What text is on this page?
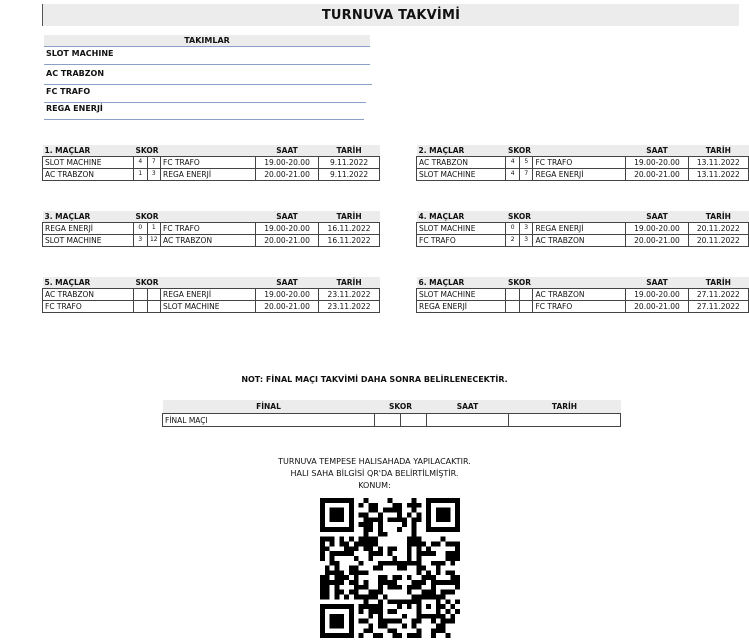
TURNUVA TAKVİMİ
TAKIMLAR
SLOT MACHINE
AC TRABZON
FC TRAFO
REGA ENERJİ
1. MAÇLAR	SKOR			SAAT	TARİH
SLOT MACHINE	$^4$	$^7$	FC TRAFO	19.00-20.00	9.11.2022
AC TRABZON	$^1$	$^3$	REGA ENERJİ	20.00-21.00	9.11.2022
2. MAÇLAR	SKOR			SAAT	TARİH
AC TRABZON	$^4$	$^5$	FC TRAFO	19.00-20.00	13.11.2022
SLOT MACHINE	$^4$	$^7$	REGA ENERJİ	20.00-21.00	13.11.2022
3. MAÇLAR	SKOR			SAAT	TARİH
REGA ENERJİ	$^0$	$^1$	FC TRAFO	19.00-20.00	16.11.2022
SLOT MACHINE	$^3$	$^{12}$	AC TRABZON	20.00-21.00	16.11.2022
4. MAÇLAR	SKOR			SAAT	TARİH
SLOT MACHINE	$^0$	$^3$	REGA ENERJİ	19.00-20.00	20.11.2022
FC TRAFO	$^2$	$^3$	AC TRABZON	20.00-21.00	20.11.2022
5. MAÇLAR	SKOR			SAAT	TARİH
AC TRABZON			REGA ENERJİ	19.00-20.00	23.11.2022
FC TRAFO			SLOT MACHINE	20.00-21.00	23.11.2022
6. MAÇLAR	SKOR			SAAT	TARİH
SLOT MACHINE			AC TRABZON	19.00-20.00	27.11.2022
REGA ENERJİ			FC TRAFO	20.00-21.00	27.11.2022
NOT: FİNAL MAÇI TAKVİMİ DAHA SONRA BELİRLENECEKTİR.
FİNAL	SKOR		SAAT	TARİH
FİNAL MAÇI				
TURNUVA TEMPESE HALISAHADA YAPILACAKTIR.
HALI SAHA BİLGİSİ QR'DA BELİRTİLMİŞTİR.
KONUM:
